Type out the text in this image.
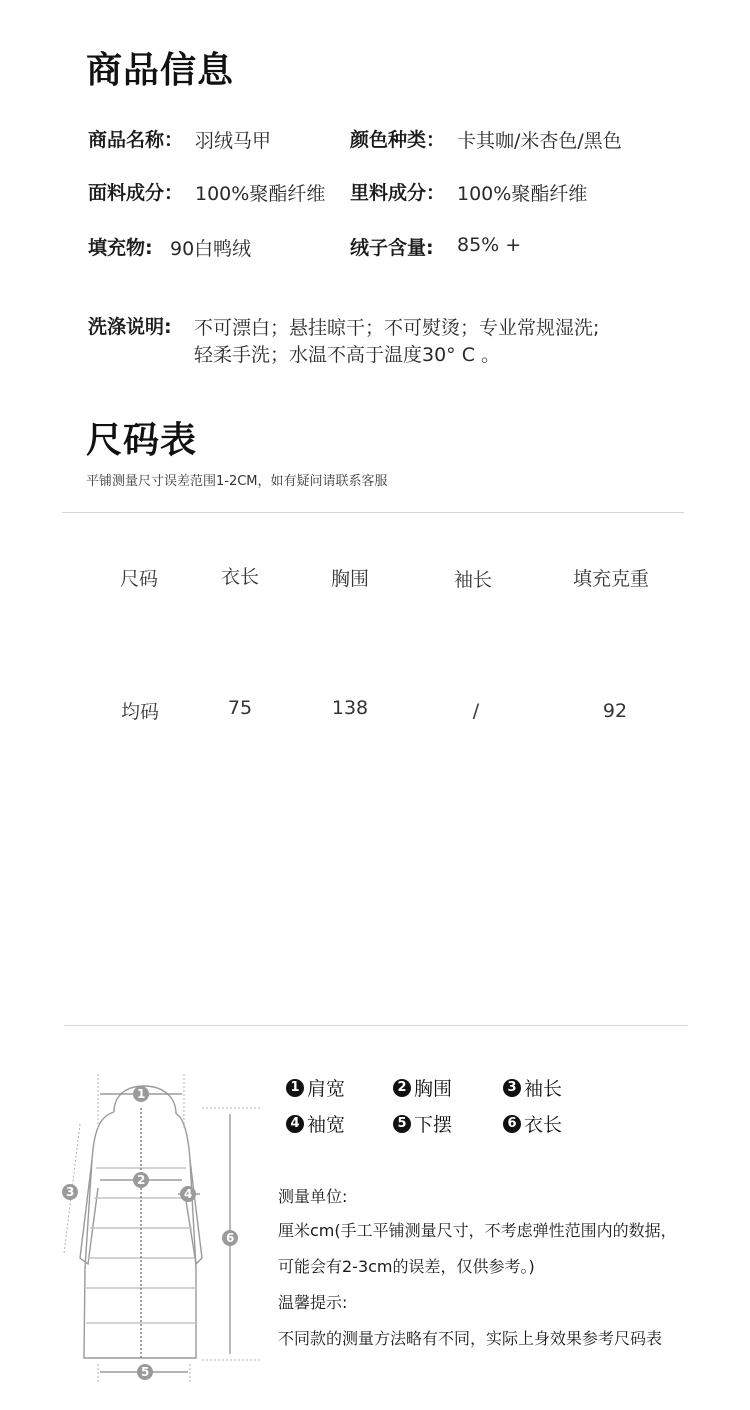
商品信息
商品名称： 羽绒马甲	颜色种类： 卡其咖/米杏色/黑色
面料成分： 100%聚酯纤维 里料成分： 100%聚酯纤维
填充物: 90白鸭绒	绒子含量: 85% +
洗涤说明: 不可漂白；悬挂晾干；不可熨烫；专业常规湿洗;
轻柔手洗；水温不高于温度30° C 。
尺码表
平铺测量尺寸误差范围1-2CM，如有疑问请联系客服
尺码	衣长	胸围	袖长	填充克重
均码	75	138	/	92
1
2
3	4
5
6
1 肩宽	2 胸围	3 袖长
4 袖宽	5 下摆	6 衣长
测量单位:
厘米cm(手工平铺测量尺寸，不考虑弹性范围内的数据，
可能会有2-3cm的误差，仅供参考。)
温馨提示:
不同款的测量方法略有不同，实际上身效果参考尺码表
